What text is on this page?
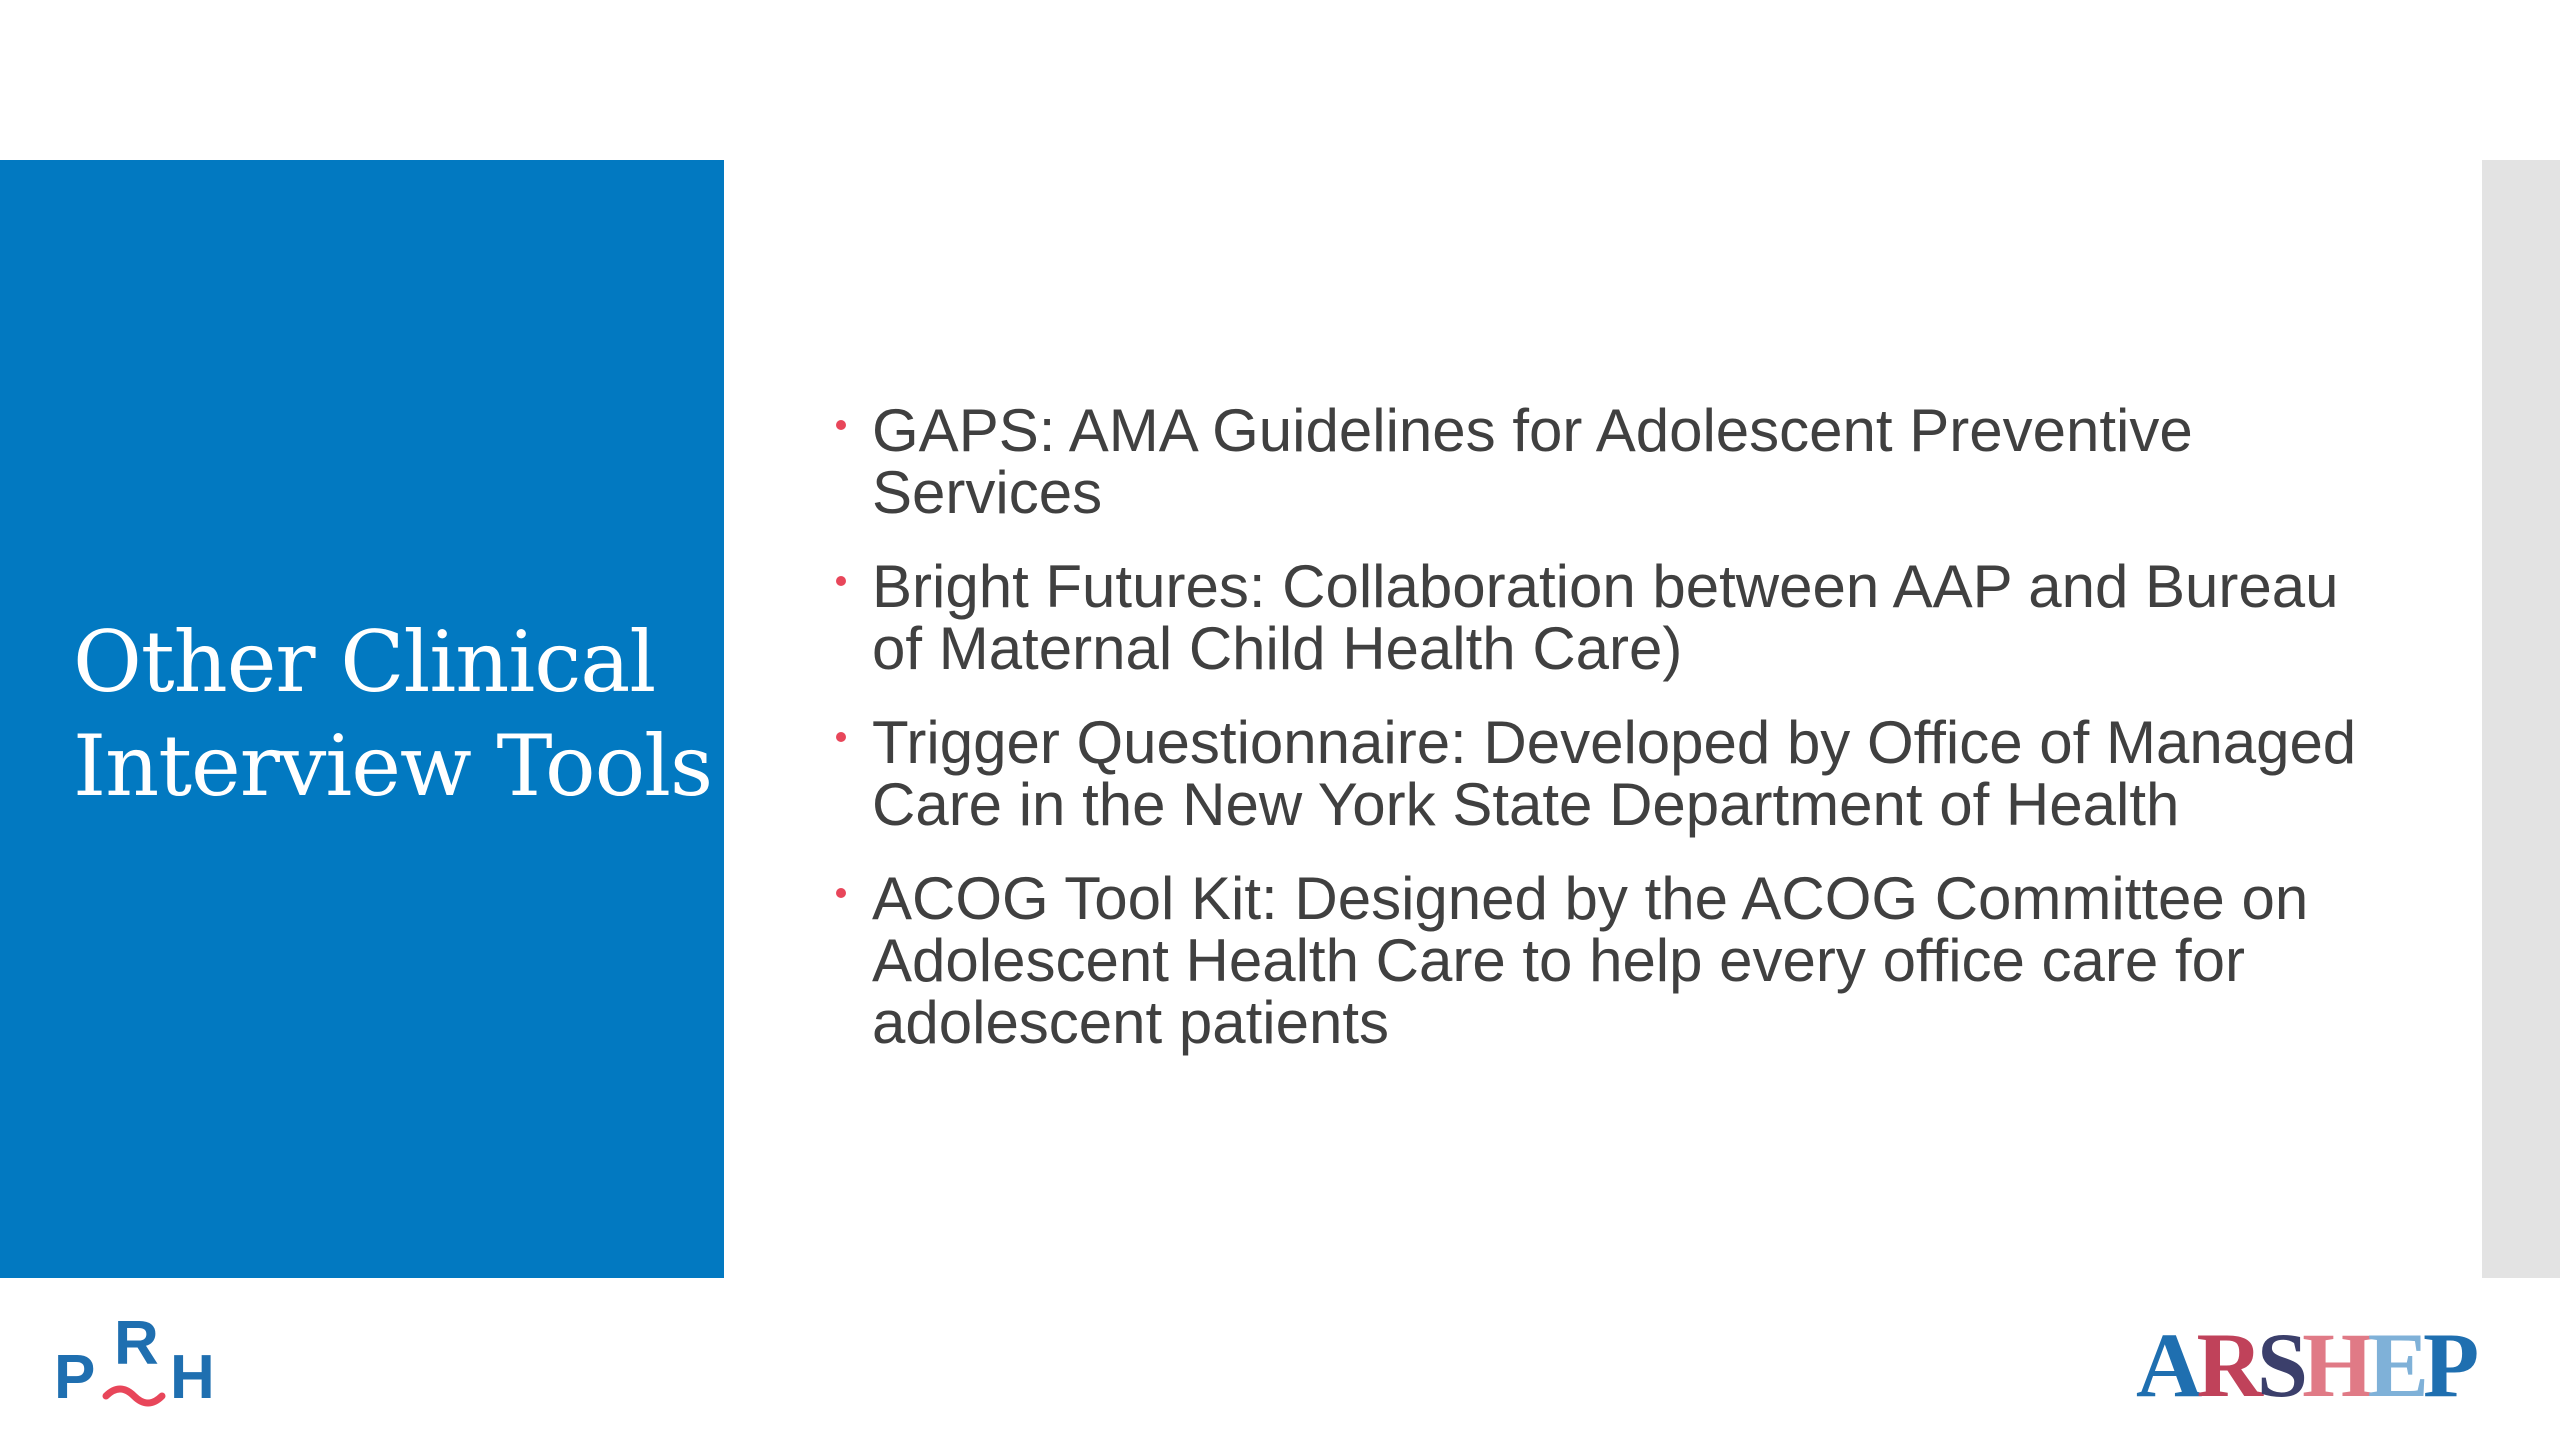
Other Clinical Interview Tools
GAPS: AMA Guidelines for Adolescent Preventive Services
Bright Futures: Collaboration between AAP and Bureau of Maternal Child Health Care)
Trigger Questionnaire: Developed by Office of Managed Care in the New York State Department of Health
ACOG Tool Kit: Designed by the ACOG Committee on Adolescent Health Care to help every office care for adolescent patients
P R H	ARSHEP
